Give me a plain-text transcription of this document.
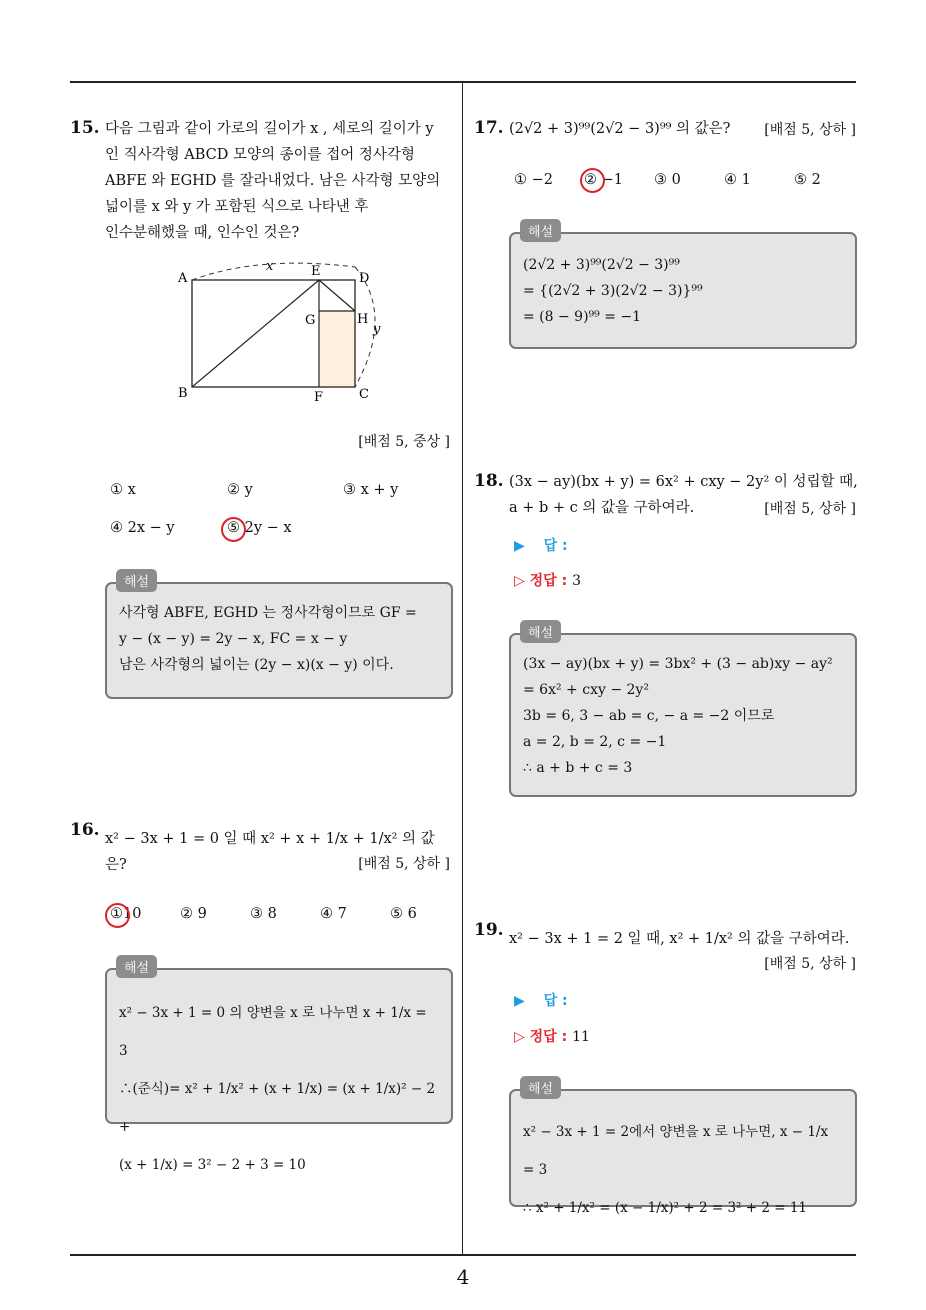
4
15. 다음 그림과 같이 가로의 길이가 x , 세로의 길이가 y
인 직사각형 ABCD 모양의 종이를 접어 정사각형
ABFE 와 EGHD 를 잘라내었다. 남은 사각형 모양의
넓이를 x 와 y 가 포함된 식으로 나타낸 후
인수분해했을 때, 인수인 것은?
A
B	C
D
E
F
G	H
x
y
[배점 5, 중상 ]
① x	② y	③ x + y
④ 2x − y	⑤ 2y − x
사각형 ABFE, EGHD 는 정사각형이므로 GF =
y − (x − y) = 2y − x, FC = x − y
남은 사각형의 넓이는 (2y − x)(x − y) 이다.
해설
16. x² − 3x + 1 = 0 일 때 x² + x + 1/x + 1/x² 의 값은?	[배점 5, 상하 ]
①10	② 9	③ 8	④ 7	⑤ 6
x² − 3x + 1 = 0 의 양변을 x 로 나누면 x + 1/x = 3
∴(준식)= x² + 1/x² + (x + 1/x) = (x + 1/x)² − 2 +
(x + 1/x) = 3² − 2 + 3 = 10
해설
17. (2√2 + 3)⁹⁹(2√2 − 3)⁹⁹ 의 값은?	[배점 5, 상하 ]
① −2 ② −1 ③ 0	④ 1	⑤ 2
(2√2 + 3)⁹⁹(2√2 − 3)⁹⁹
= {(2√2 + 3)(2√2 − 3)}⁹⁹
= (8 − 9)⁹⁹ = −1
해설
18. (3x − ay)(bx + y) = 6x² + cxy − 2y² 이 성립할 때,
a + b + c 의 값을 구하여라.	[배점 5, 상하 ]
▶ 답 :
▷ 정답 : 3
(3x − ay)(bx + y) = 3bx² + (3 − ab)xy − ay²
= 6x² + cxy − 2y²
3b = 6, 3 − ab = c, − a = −2 이므로
a = 2, b = 2, c = −1
∴ a + b + c = 3
해설
19. x² − 3x + 1 = 2 일 때, x² + 1/x² 의 값을 구하여라.
[배점 5, 상하 ]
▶ 답 :
▷ 정답 : 11
x² − 3x + 1 = 2에서 양변을 x 로 나누면, x − 1/x = 3
∴ x² + 1/x² = (x − 1/x)² + 2 = 3² + 2 = 11
해설
